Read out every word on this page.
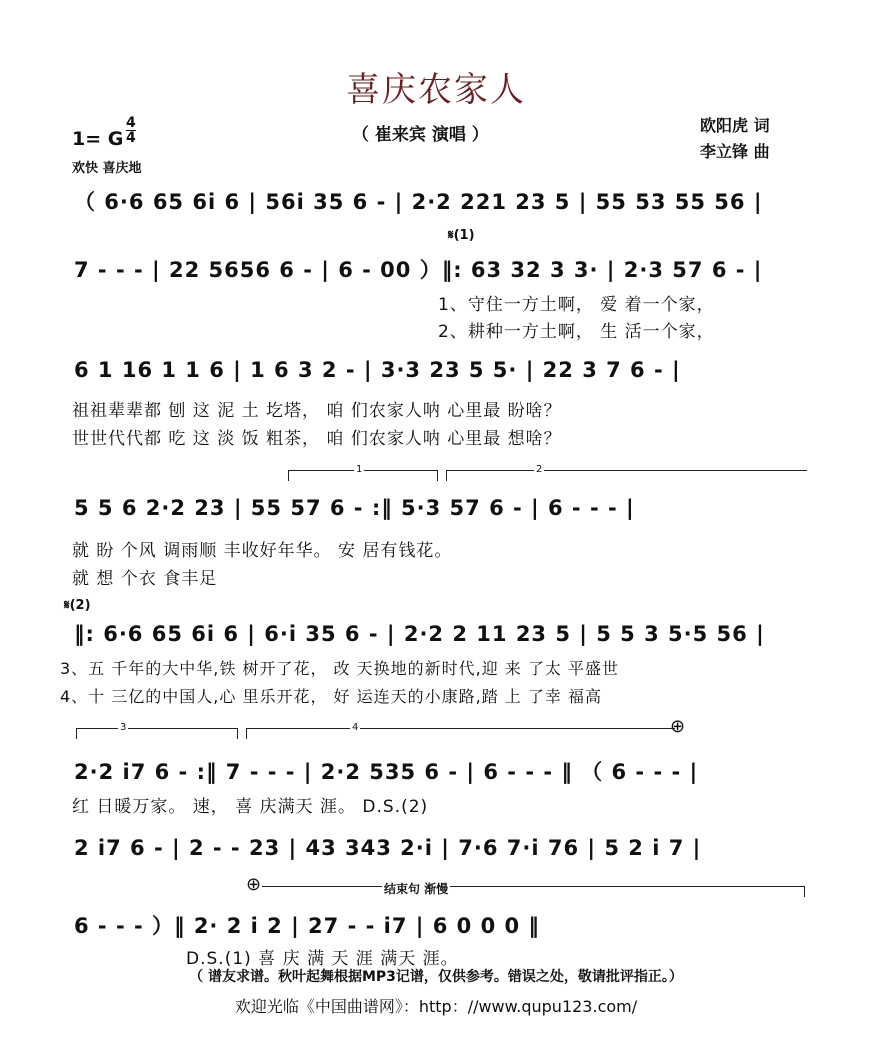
喜庆农家人
（ 崔来宾 演唱 ）	欧阳虎 词
李立锋 曲
1= G $\frac{4}{4}$
欢快 喜庆地
（ 6·6 65 6i 6 | 56i 35 6 - | 2·2 221 23 5 | 55 53 55 56 |
𝄋(1)
7 - - - | 22 5656 6 - | 6 - 00 ）‖: 63 32 3 3· | 2·3 57 6 - |
1、守住一方土啊， 爱 着一个家，
2、耕种一方土啊， 生 活一个家，
6 1 16 1 1 6 | 1 6 3 2 - | 3·3 23 5 5· | 22 3 7 6 - |
祖祖辈辈都 刨 这 泥 土 圪塔， 咱 们农家人呐 心里最 盼啥？
世世代代都 吃 这 淡 饭 粗茶， 咱 们农家人呐 心里最 想啥？
1	2
5 5 6 2·2 23 | 55 57 6 - :‖ 5·3 57 6 - | 6 - - - |
就 盼 个风 调雨顺 丰收好年华。 安 居有钱花。
就 想 个衣 食丰足
𝄋(2)
‖: 6·6 65 6i 6 | 6·i 35 6 - | 2·2 2 11 23 5 | 5 5 3 5·5 56 |
3、五 千年的大中华,铁 树开了花， 改 天换地的新时代,迎 来 了太 平盛世
4、十 三亿的中国人,心 里乐开花， 好 运连天的小康路,踏 上 了幸 福高
3	4	⊕
2·2 i7 6 - :‖ 7 - - - | 2·2 535 6 - | 6 - - - ‖ （ 6 - - - |
红 日暖万家。 速， 喜 庆满天 涯。 D.S.(2)
2 i7 6 - | 2 - - 23 | 43 343 2·i | 7·6 7·i 76 | 5 2 i 7 |
⊕	结束句 渐慢
6 - - - ）‖ 2· 2 i 2 | 27 - - i7 | 6 0 0 0 ‖
D.S.(1) 喜 庆 满 天 涯 满天 涯。
（ 谱友求谱。秋叶起舞根据MP3记谱，仅供参考。错误之处，敬请批评指正。）
欢迎光临《中国曲谱网》：http：//www.qupu123.com/
